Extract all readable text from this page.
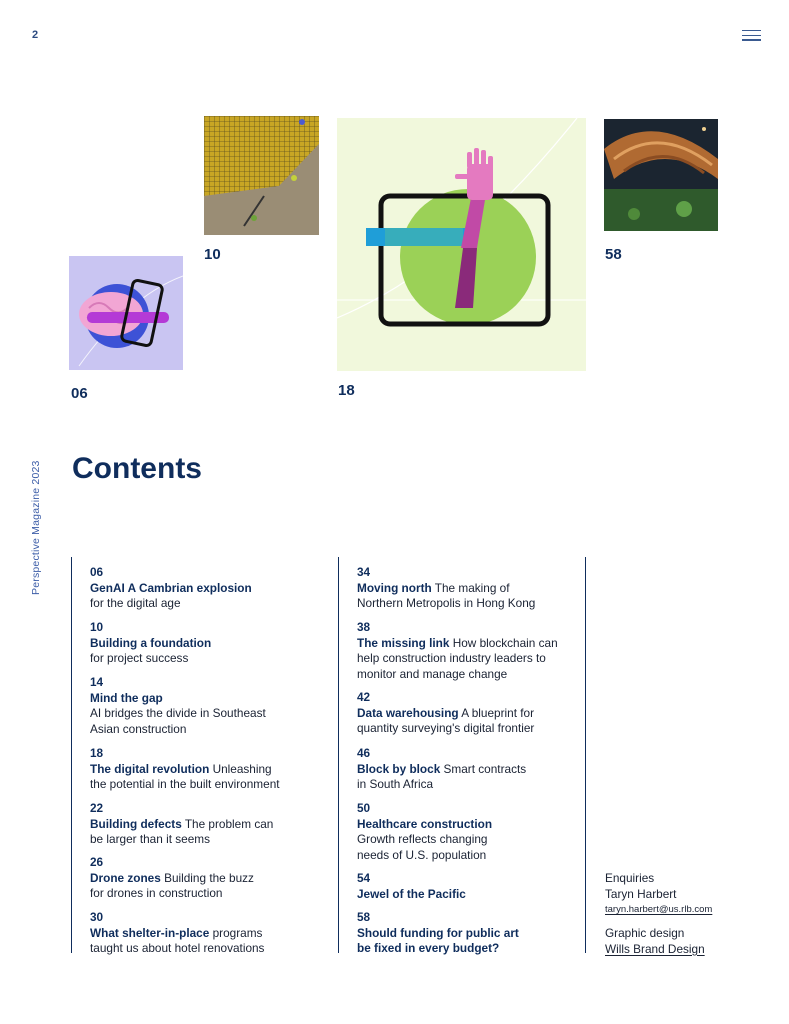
2
Perspective Magazine 2023
06
10
18
58
Contents
06
GenAI A Cambrian explosion
for the digital age
10
Building a foundation
for project success
14
Mind the gap
AI bridges the divide in Southeast
Asian construction
18
The digital revolution Unleashing
the potential in the built environment
22
Building defects The problem can
be larger than it seems
26
Drone zones Building the buzz
for drones in construction
30
What shelter-in-place programs
taught us about hotel renovations
34
Moving north The making of
Northern Metropolis in Hong Kong
38
The missing link How blockchain can
help construction industry leaders to
monitor and manage change
42
Data warehousing A blueprint for
quantity surveying's digital frontier
46
Block by block Smart contracts
in South Africa
50
Healthcare construction
Growth reflects changing
needs of U.S. population
54
Jewel of the Pacific
58
Should funding for public art
be fixed in every budget?
Enquiries
Taryn Harbert
taryn.harbert@us.rlb.com
Graphic design
Wills Brand Design
